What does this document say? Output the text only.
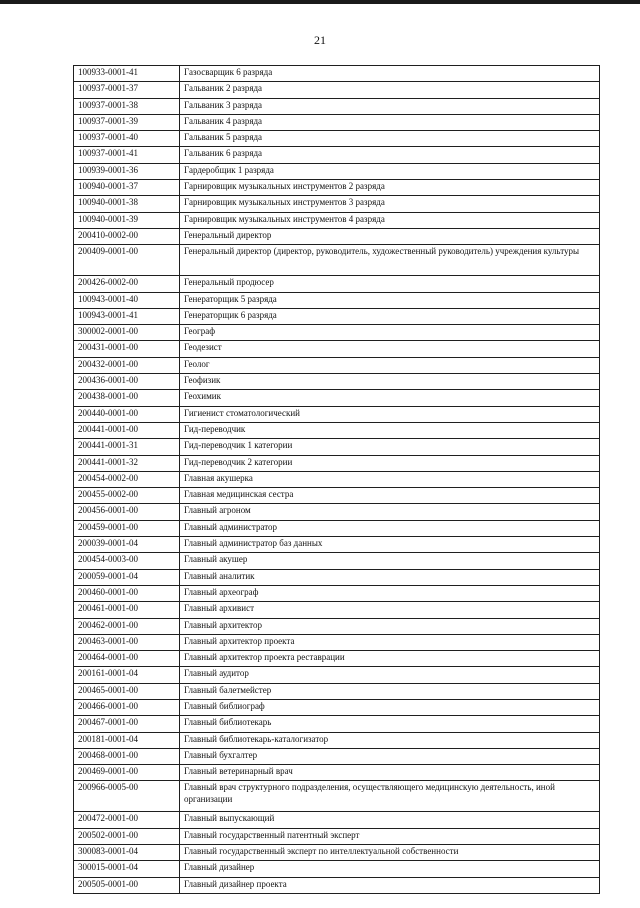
21
100933-0001-41	Газосварщик 6 разряда
100937-0001-37	Гальваник 2 разряда
100937-0001-38	Гальваник 3 разряда
100937-0001-39	Гальваник 4 разряда
100937-0001-40	Гальваник 5 разряда
100937-0001-41	Гальваник 6 разряда
100939-0001-36	Гардеробщик 1 разряда
100940-0001-37	Гарнировщик музыкальных инструментов 2 разряда
100940-0001-38	Гарнировщик музыкальных инструментов 3 разряда
100940-0001-39	Гарнировщик музыкальных инструментов 4 разряда
200410-0002-00	Генеральный директор
200409-0001-00	Генеральный директор (директор, руководитель, художественный руководитель) учреждения культуры
200426-0002-00	Генеральный продюсер
100943-0001-40	Генераторщик 5 разряда
100943-0001-41	Генераторщик 6 разряда
300002-0001-00	Географ
200431-0001-00	Геодезист
200432-0001-00	Геолог
200436-0001-00	Геофизик
200438-0001-00	Геохимик
200440-0001-00	Гигиенист стоматологический
200441-0001-00	Гид-переводчик
200441-0001-31	Гид-переводчик 1 категории
200441-0001-32	Гид-переводчик 2 категории
200454-0002-00	Главная акушерка
200455-0002-00	Главная медицинская сестра
200456-0001-00	Главный агроном
200459-0001-00	Главный администратор
200039-0001-04	Главный администратор баз данных
200454-0003-00	Главный акушер
200059-0001-04	Главный аналитик
200460-0001-00	Главный археограф
200461-0001-00	Главный архивист
200462-0001-00	Главный архитектор
200463-0001-00	Главный архитектор проекта
200464-0001-00	Главный архитектор проекта реставрации
200161-0001-04	Главный аудитор
200465-0001-00	Главный балетмейстер
200466-0001-00	Главный библиограф
200467-0001-00	Главный библиотекарь
200181-0001-04	Главный библиотекарь-каталогизатор
200468-0001-00	Главный бухгалтер
200469-0001-00	Главный ветеринарный врач
200966-0005-00	Главный врач структурного подразделения, осуществляющего медицинскую деятельность, иной организации
200472-0001-00	Главный выпускающий
200502-0001-00	Главный государственный патентный эксперт
300083-0001-04	Главный государственный эксперт по интеллектуальной собственности
300015-0001-04	Главный дизайнер
200505-0001-00	Главный дизайнер проекта
